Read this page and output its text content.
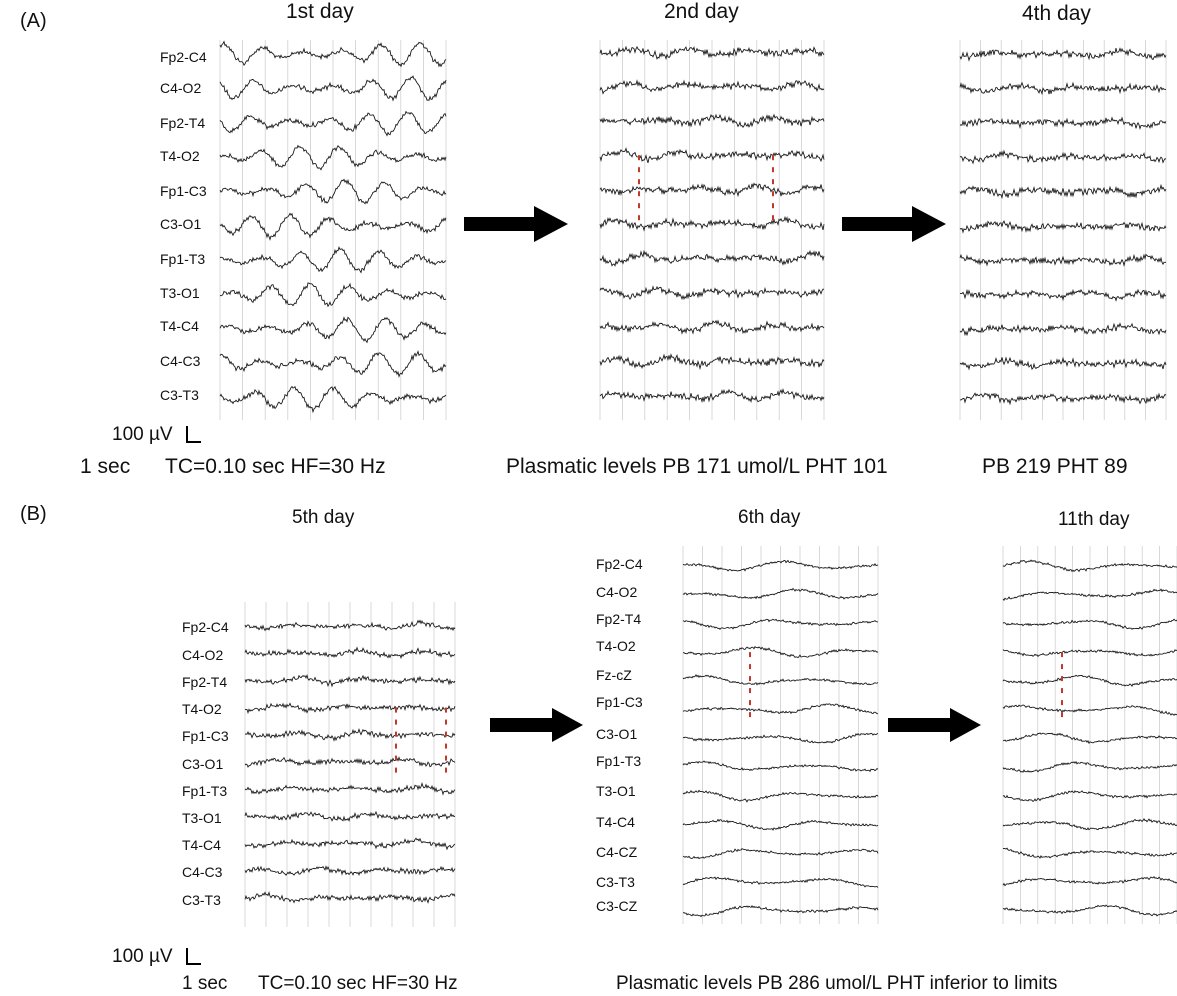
(A)	1st day	2nd day	4th day
Fp2-C4
C4-O2
Fp2-T4
T4-O2
Fp1-C3
C3-O1
Fp1-T3
T3-O1
T4-C4
C4-C3
C3-T3
100 µV
1 sec TC=0.10 sec HF=30 Hz	Plasmatic levels PB 171 umol/L PHT 101	PB 219 PHT 89
(B)	5th day	6th day	11th day
Fp2-C4
C4-O2
Fp2-T4
T4-O2
Fp1-C3
C3-O1
Fp1-T3
T3-O1
T4-C4
C4-C3
C3-T3
Fp2-C4
C4-O2
Fp2-T4
T4-O2
Fz-cZ
Fp1-C3
C3-O1
Fp1-T3
T3-O1
T4-C4
C4-CZ
C3-T3
C3-CZ
100 µV
1 sec TC=0.10 sec HF=30 Hz	Plasmatic levels PB 286 umol/L PHT inferior to limits
